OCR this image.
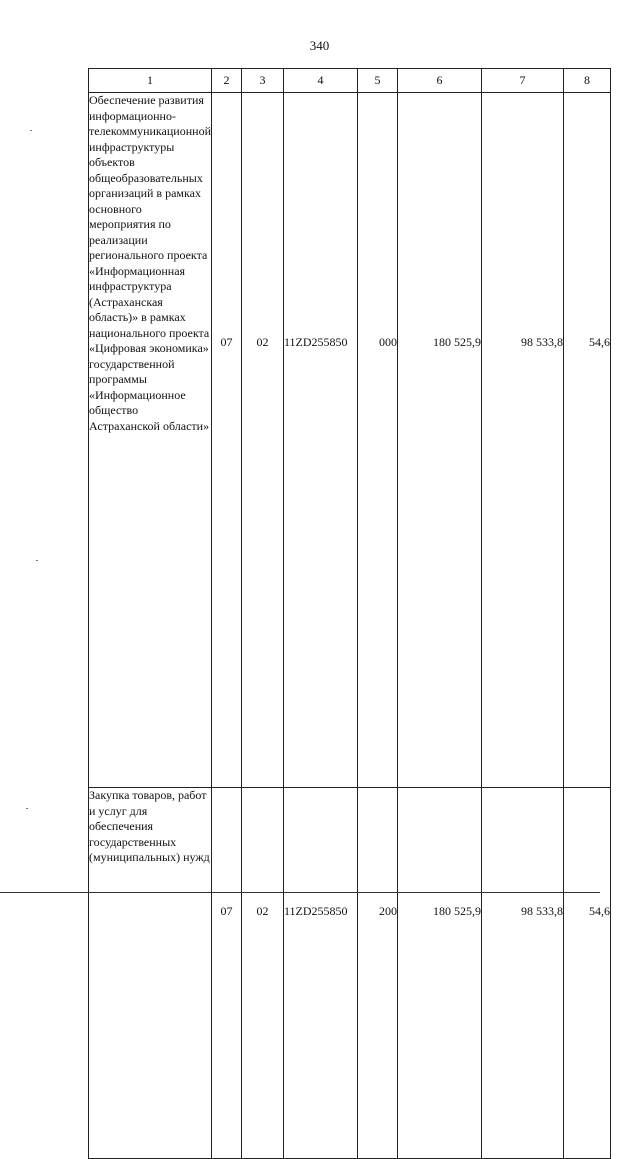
340
1	2	3	4	5	6	7	8
Обеспечение развития информационно-телекоммуникационной инфраструктуры объектов общеобразовательных организаций в рамках основного мероприятия по реализации регионального проекта «Информационная инфраструктура (Астраханская область)» в рамках национального проекта «Цифровая экономика» государственной программы «Информационное общество Астраханской области»	07	02	11ZD255850	000	180 525,9	98 533,8	54,6
Закупка товаров, работ и услуг для обеспечения государственных (муниципальных) нужд	07	02	11ZD255850	200	180 525,9	98 533,8	54,6
